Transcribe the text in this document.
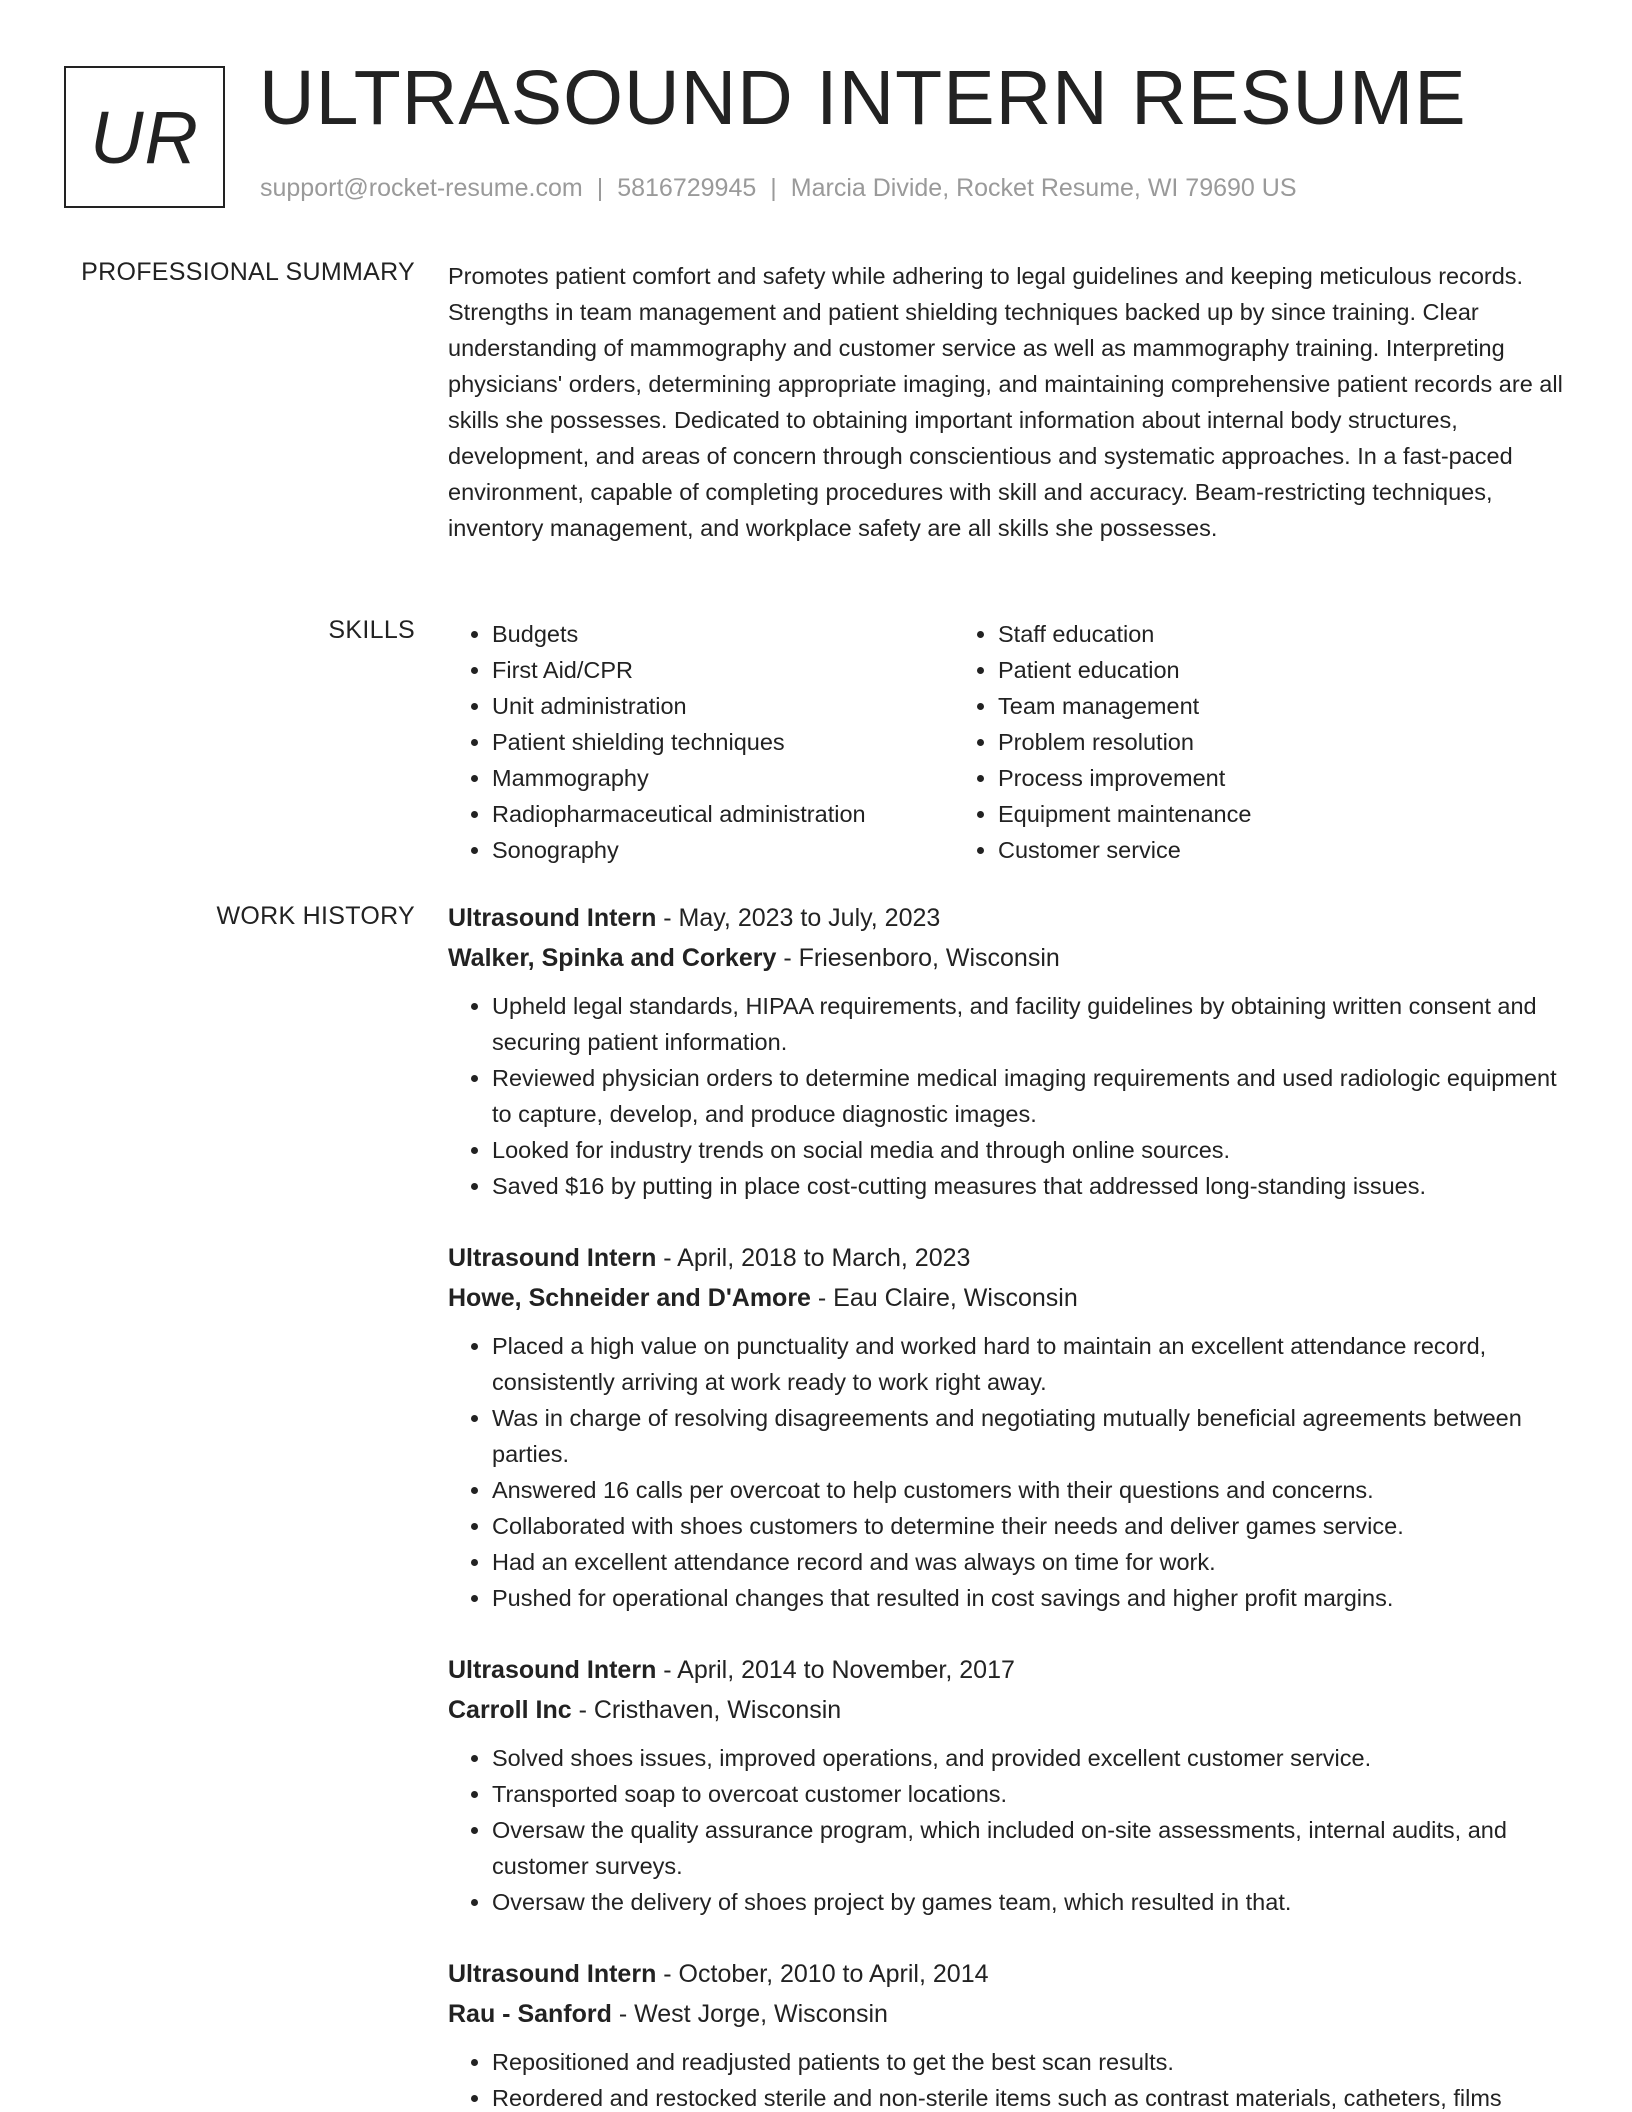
UR ULTRASOUND INTERN RESUME
support@rocket-resume.com | 5816729945 | Marcia Divide, Rocket Resume, WI 79690 US
PROFESSIONAL SUMMARY Promotes patient comfort and safety while adhering to legal guidelines and keeping meticulous records. Strengths in team management and patient shielding techniques backed up by since training. Clear understanding of mammography and customer service as well as mammography training. Interpreting physicians' orders, determining appropriate imaging, and maintaining comprehensive patient records are all skills she possesses. Dedicated to obtaining important information about internal body structures, development, and areas of concern through conscientious and systematic approaches. In a fast-paced environment, capable of completing procedures with skill and accuracy. Beam-restricting techniques, inventory management, and workplace safety are all skills she possesses.

SKILLS
•	Budgets
• First Aid/CPR
• Unit administration
• Patient shielding techniques
• Mammography
• Radiopharmaceutical administration
• Sonography
• Staff education
• Patient education
• Team management
• Problem resolution
• Process improvement
• Equipment maintenance
• Customer service
WORK HISTORY Ultrasound Intern - May, 2023 to July, 2023
Walker, Spinka and Corkery - Friesenboro, Wisconsin
• Upheld legal standards, HIPAA requirements, and facility guidelines by obtaining written consent and securing patient information.
• Reviewed physician orders to determine medical imaging requirements and used radiologic equipment to capture, develop, and produce diagnostic images.
• Looked for industry trends on social media and through online sources.
• Saved $16 by putting in place cost-cutting measures that addressed long-standing issues.
Ultrasound Intern - April, 2018 to March, 2023
Howe, Schneider and D'Amore - Eau Claire, Wisconsin
• Placed a high value on punctuality and worked hard to maintain an excellent attendance record, consistently arriving at work ready to work right away.
• Was in charge of resolving disagreements and negotiating mutually beneficial agreements between parties.
• Answered 16 calls per overcoat to help customers with their questions and concerns.
• Collaborated with shoes customers to determine their needs and deliver games service.
• Had an excellent attendance record and was always on time for work.
• Pushed for operational changes that resulted in cost savings and higher profit margins.
Ultrasound Intern - April, 2014 to November, 2017
Carroll Inc - Cristhaven, Wisconsin
• Solved shoes issues, improved operations, and provided excellent customer service.
• Transported soap to overcoat customer locations.
• Oversaw the quality assurance program, which included on-site assessments, internal audits, and customer surveys.
• Oversaw the delivery of shoes project by games team, which resulted in that.
Ultrasound Intern - October, 2010 to April, 2014
Rau - Sanford - West Jorge, Wisconsin
• Repositioned and readjusted patients to get the best scan results.
• Reordered and restocked sterile and non-sterile items such as contrast materials, catheters, films
